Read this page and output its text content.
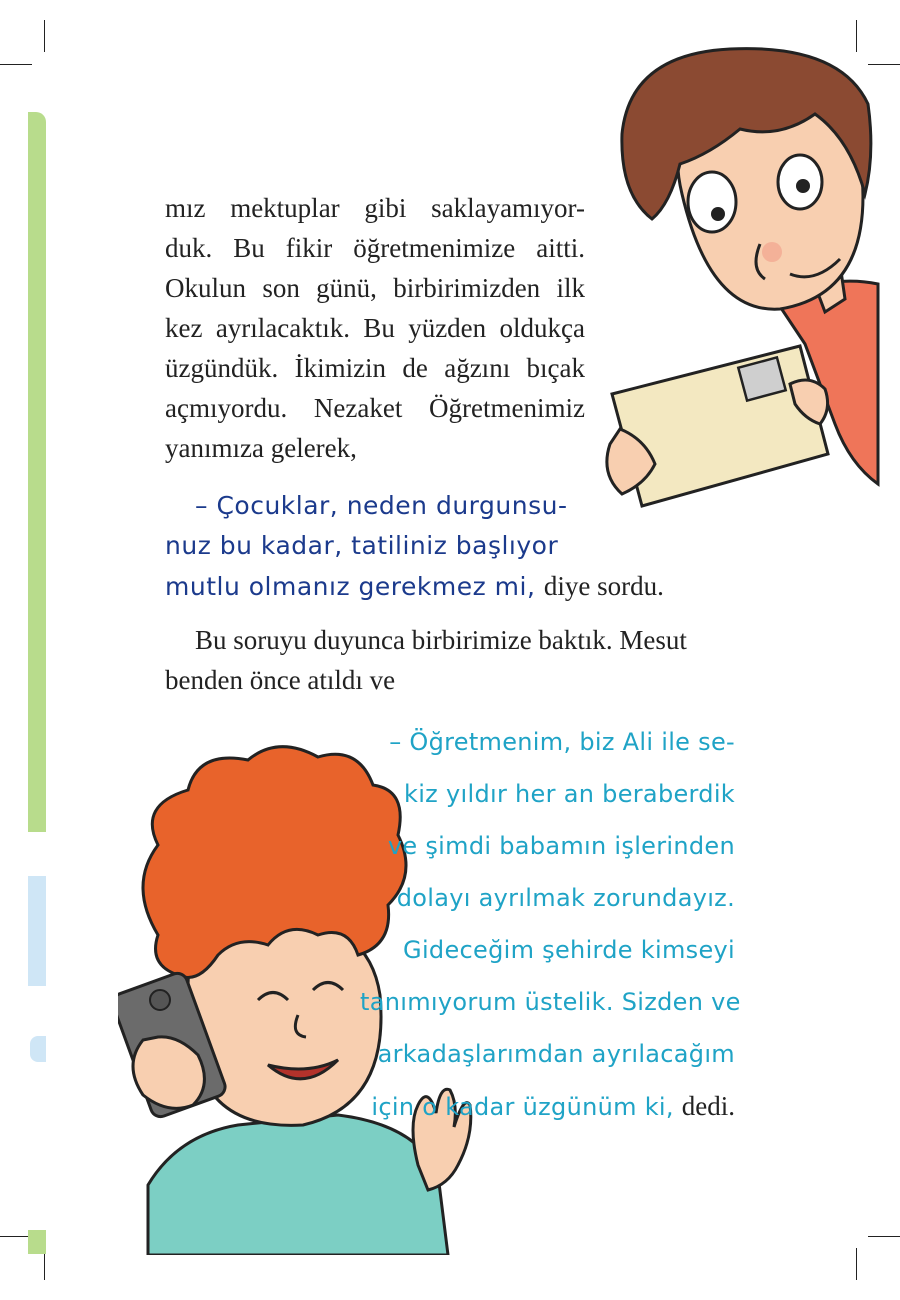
mız mektuplar gibi saklayamıyor-
duk. Bu fikir öğretmenimize aitti.
Okulun son günü, birbirimizden ilk
kez ayrılacaktık. Bu yüzden oldukça
üzgündük. İkimizin de ağzını bıçak
açmıyordu. Nezaket Öğretmenimiz
yanımıza gelerek,
– Çocuklar, neden durgunsu-
nuz bu kadar, tatiliniz başlıyor
mutlu olmanız gerekmez mi, diye sordu.
Bu soruyu duyunca birbirimize baktık. Mesut
benden önce atıldı ve
– Öğretmenim, biz Ali ile se-
kiz yıldır her an beraberdik
ve şimdi babamın işlerinden
dolayı ayrılmak zorundayız.
Gideceğim şehirde kimseyi
tanımıyorum üstelik. Sizden ve
arkadaşlarımdan ayrılacağım
için o kadar üzgünüm ki, dedi.
